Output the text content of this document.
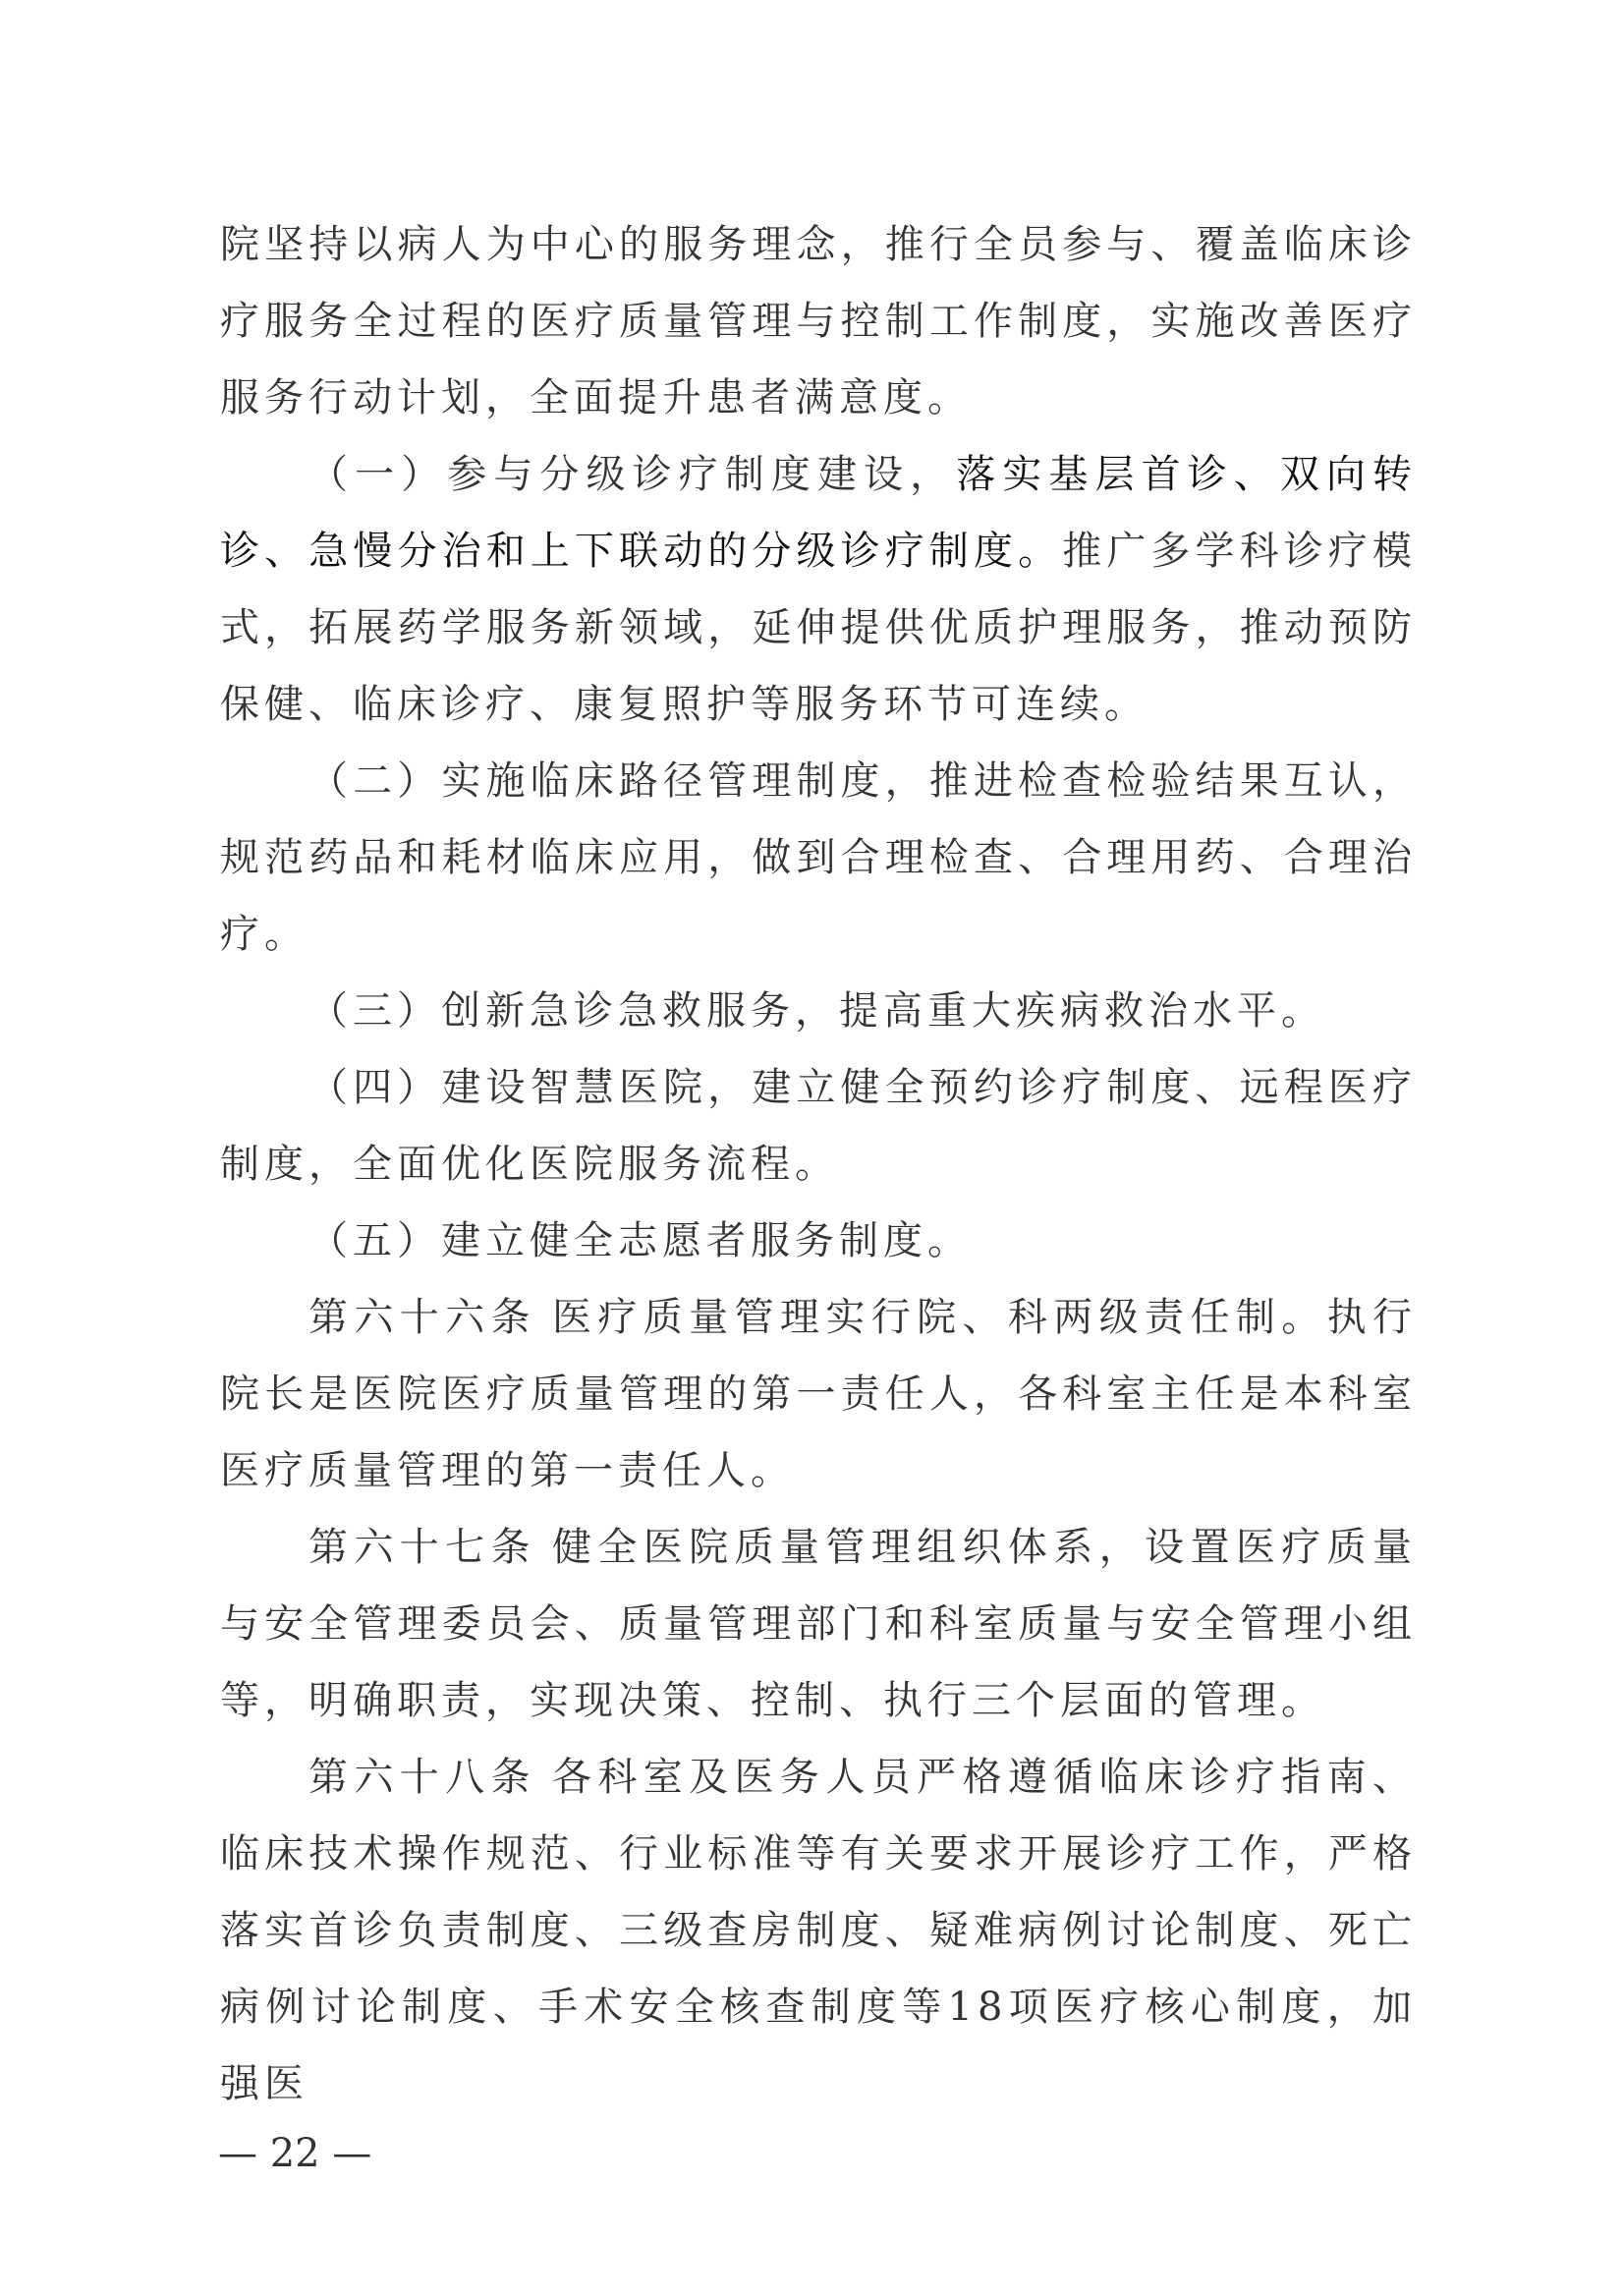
院坚持以病人为中心的服务理念，推行全员参与、覆盖临床诊疗服务全过程的医疗质量管理与控制工作制度，实施改善医疗服务行动计划，全面提升患者满意度。

（一）参与分级诊疗制度建设，落实基层首诊、双向转诊、急慢分治和上下联动的分级诊疗制度。推广多学科诊疗模式，拓展药学服务新领域，延伸提供优质护理服务，推动预防保健、临床诊疗、康复照护等服务环节可连续。

（二）实施临床路径管理制度，推进检查检验结果互认，规范药品和耗材临床应用，做到合理检查、合理用药、合理治疗。

（三）创新急诊急救服务，提高重大疾病救治水平。

（四）建设智慧医院，建立健全预约诊疗制度、远程医疗制度，全面优化医院服务流程。

（五）建立健全志愿者服务制度。

第六十六条 医疗质量管理实行院、科两级责任制。执行院长是医院医疗质量管理的第一责任人，各科室主任是本科室医疗质量管理的第一责任人。

第六十七条 健全医院质量管理组织体系，设置医疗质量与安全管理委员会、质量管理部门和科室质量与安全管理小组等，明确职责，实现决策、控制、执行三个层面的管理。

第六十八条 各科室及医务人员严格遵循临床诊疗指南、临床技术操作规范、行业标准等有关要求开展诊疗工作，严格落实首诊负责制度、三级查房制度、疑难病例讨论制度、死亡病例讨论制度、手术安全核查制度等18项医疗核心制度，加强医

— 22 —
